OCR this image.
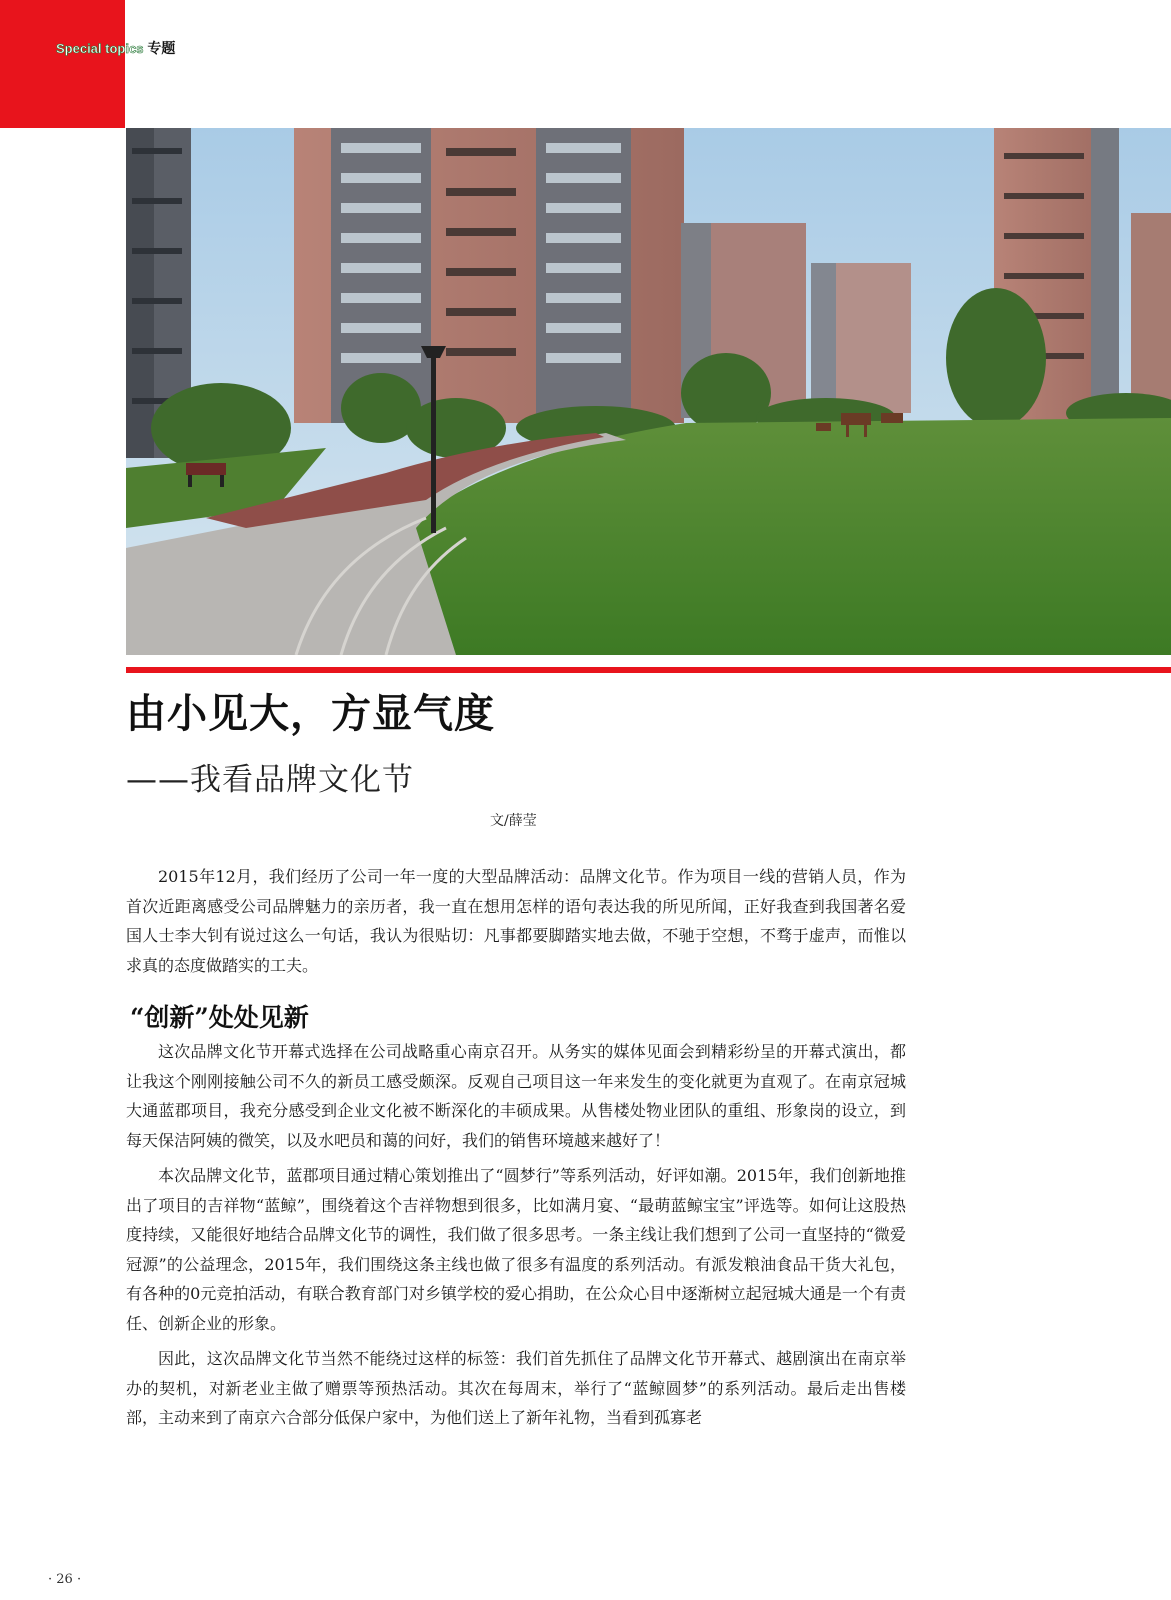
Special topics 专题
由小见大，方显气度
——我看品牌文化节
文/薛莹

2015年12月，我们经历了公司一年一度的大型品牌活动：品牌文化节。作为项目一线的营销人员，作为首次近距离感受公司品牌魅力的亲历者，我一直在想用怎样的语句表达我的所见所闻，正好我查到我国著名爱国人士李大钊有说过这么一句话，我认为很贴切：凡事都要脚踏实地去做，不驰于空想，不骛于虚声，而惟以求真的态度做踏实的工夫。

“创新”处处见新

这次品牌文化节开幕式选择在公司战略重心南京召开。从务实的媒体见面会到精彩纷呈的开幕式演出，都让我这个刚刚接触公司不久的新员工感受颇深。反观自己项目这一年来发生的变化就更为直观了。在南京冠城大通蓝郡项目，我充分感受到企业文化被不断深化的丰硕成果。从售楼处物业团队的重组、形象岗的设立，到每天保洁阿姨的微笑，以及水吧员和蔼的问好，我们的销售环境越来越好了！

本次品牌文化节，蓝郡项目通过精心策划推出了“圆梦行”等系列活动，好评如潮。2015年，我们创新地推出了项目的吉祥物“蓝鲸”，围绕着这个吉祥物想到很多，比如满月宴、“最萌蓝鲸宝宝”评选等。如何让这股热度持续，又能很好地结合品牌文化节的调性，我们做了很多思考。一条主线让我们想到了公司一直坚持的“微爱冠源”的公益理念，2015年，我们围绕这条主线也做了很多有温度的系列活动。有派发粮油食品干货大礼包，有各种的0元竞拍活动，有联合教育部门对乡镇学校的爱心捐助，在公众心目中逐渐树立起冠城大通是一个有责任、创新企业的形象。

因此，这次品牌文化节当然不能绕过这样的标签：我们首先抓住了品牌文化节开幕式、越剧演出在南京举办的契机，对新老业主做了赠票等预热活动。其次在每周末，举行了“蓝鲸圆梦”的系列活动。最后走出售楼部，主动来到了南京六合部分低保户家中，为他们送上了新年礼物，当看到孤寡老

· 26 ·
